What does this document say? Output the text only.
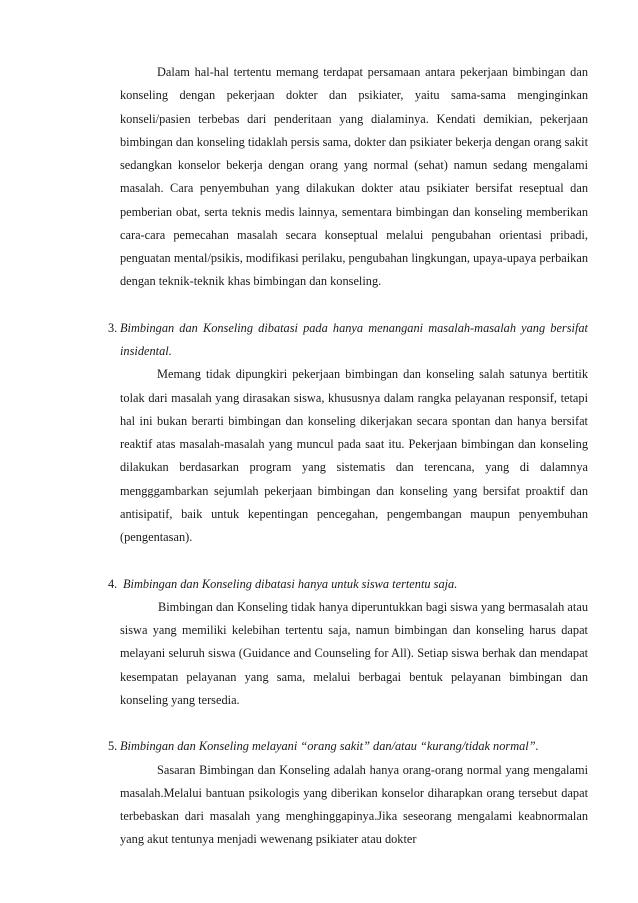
Dalam hal-hal tertentu memang terdapat persamaan antara pekerjaan bimbingan dan konseling dengan pekerjaan dokter dan psikiater, yaitu sama-sama menginginkan konseli/pasien terbebas dari penderitaan yang dialaminya. Kendati demikian, pekerjaan bimbingan dan konseling tidaklah persis sama, dokter dan psikiater bekerja dengan orang sakit sedangkan konselor bekerja dengan orang yang normal (sehat) namun sedang mengalami masalah. Cara penyembuhan yang dilakukan dokter atau psikiater bersifat reseptual dan pemberian obat, serta teknis medis lainnya, sementara bimbingan dan konseling memberikan cara-cara pemecahan masalah secara konseptual melalui pengubahan orientasi pribadi, penguatan mental/psikis, modifikasi perilaku, pengubahan lingkungan, upaya-upaya perbaikan dengan teknik-teknik khas bimbingan dan konseling.

3. Bimbingan dan Konseling dibatasi pada hanya menangani masalah-masalah yang bersifat insidental.

Memang tidak dipungkiri pekerjaan bimbingan dan konseling salah satunya bertitik tolak dari masalah yang dirasakan siswa, khususnya dalam rangka pelayanan responsif, tetapi hal ini bukan berarti bimbingan dan konseling dikerjakan secara spontan dan hanya bersifat reaktif atas masalah-masalah yang muncul pada saat itu. Pekerjaan bimbingan dan konseling dilakukan berdasarkan program yang sistematis dan terencana, yang di dalamnya mengggambarkan sejumlah pekerjaan bimbingan dan konseling yang bersifat proaktif dan antisipatif, baik untuk kepentingan pencegahan, pengembangan maupun penyembuhan (pengentasan).

4. Bimbingan dan Konseling dibatasi hanya untuk siswa tertentu saja.

Bimbingan dan Konseling tidak hanya diperuntukkan bagi siswa yang bermasalah atau siswa yang memiliki kelebihan tertentu saja, namun bimbingan dan konseling harus dapat melayani seluruh siswa (Guidance and Counseling for All). Setiap siswa berhak dan mendapat kesempatan pelayanan yang sama, melalui berbagai bentuk pelayanan bimbingan dan konseling yang tersedia.

5. Bimbingan dan Konseling melayani “orang sakit” dan/atau “kurang/tidak normal”.

Sasaran Bimbingan dan Konseling adalah hanya orang-orang normal yang mengalami masalah.Melalui bantuan psikologis yang diberikan konselor diharapkan orang tersebut dapat terbebaskan dari masalah yang menghinggapinya.Jika seseorang mengalami keabnormalan yang akut tentunya menjadi wewenang psikiater atau dokter
